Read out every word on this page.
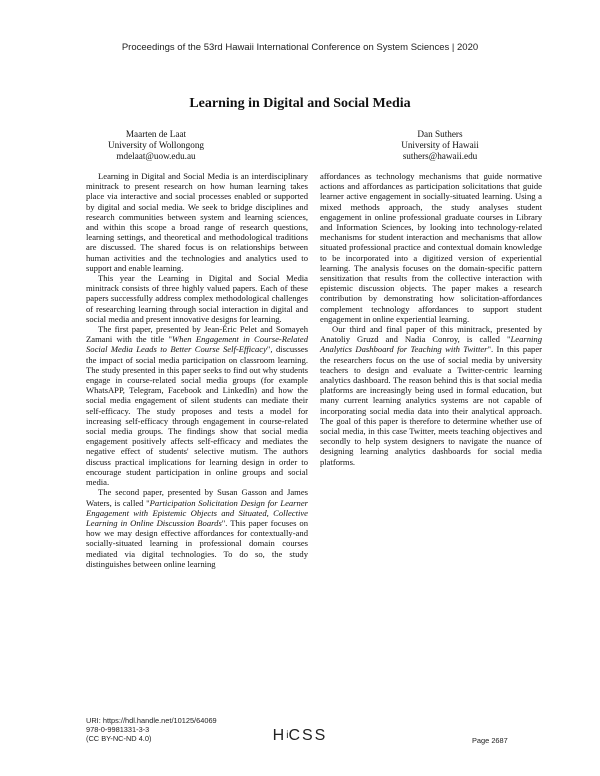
Proceedings of the 53rd Hawaii International Conference on System Sciences | 2020
Learning in Digital and Social Media
Maarten de Laat
University of Wollongong
mdelaat@uow.edu.au
Dan Suthers
University of Hawaii
suthers@hawaii.edu

Learning in Digital and Social Media is an interdisciplinary minitrack to present research on how human learning takes place via interactive and social processes enabled or supported by digital and social media. We seek to bridge disciplines and research communities between system and learning sciences, and within this scope a broad range of research questions, learning settings, and theoretical and methodological traditions are discussed. The shared focus is on relationships between human activities and the technologies and analytics used to support and enable learning.

This year the Learning in Digital and Social Media minitrack consists of three highly valued papers. Each of these papers successfully address complex methodological challenges of researching learning through social interaction in digital and social media and present innovative designs for learning.

The first paper, presented by Jean-Éric Pelet and Somayeh Zamani with the title "When Engagement in Course-Related Social Media Leads to Better Course Self-Efficacy", discusses the impact of social media participation on classroom learning. The study presented in this paper seeks to find out why students engage in course-related social media groups (for example WhatsAPP, Telegram, Facebook and LinkedIn) and how the social media engagement of silent students can mediate their self-efficacy. The study proposes and tests a model for increasing self-efficacy through engagement in course-related social media groups. The findings show that social media engagement positively affects self-efficacy and mediates the negative effect of students' selective mutism. The authors discuss practical implications for learning design in order to encourage student participation in online groups and social media.

The second paper, presented by Susan Gasson and James Waters, is called "Participation Solicitation Design for Learner Engagement with Epistemic Objects and Situated, Collective Learning in Online Discussion Boards". This paper focuses on how we may design effective affordances for contextually-and socially-situated learning in professional domain courses mediated via digital technologies. To do so, the study distinguishes between online learning

affordances as technology mechanisms that guide normative actions and affordances as participation solicitations that guide learner active engagement in socially-situated learning. Using a mixed methods approach, the study analyses student engagement in online professional graduate courses in Library and Information Sciences, by looking into technology-related mechanisms for student interaction and mechanisms that allow situated professional practice and contextual domain knowledge to be incorporated into a digitized version of experiential learning. The analysis focuses on the domain-specific pattern sensitization that results from the collective interaction with epistemic discussion objects. The paper makes a research contribution by demonstrating how solicitation-affordances complement technology affordances to support student engagement in online experiential learning.

Our third and final paper of this minitrack, presented by Anatoliy Gruzd and Nadia Conroy, is called "Learning Analytics Dashboard for Teaching with Twitter". In this paper the researchers focus on the use of social media by university teachers to design and evaluate a Twitter-centric learning analytics dashboard. The reason behind this is that social media platforms are increasingly being used in formal education, but many current learning analytics systems are not capable of incorporating social media data into their analytical approach. The goal of this paper is therefore to determine whether use of social media, in this case Twitter, meets teaching objectives and secondly to help system designers to navigate the nuance of designing learning analytics dashboards for social media platforms.

URI: https://hdl.handle.net/10125/64069
978-0-9981331-3-3
(CC BY-NC-ND 4.0)	HiCSS	Page 2687
